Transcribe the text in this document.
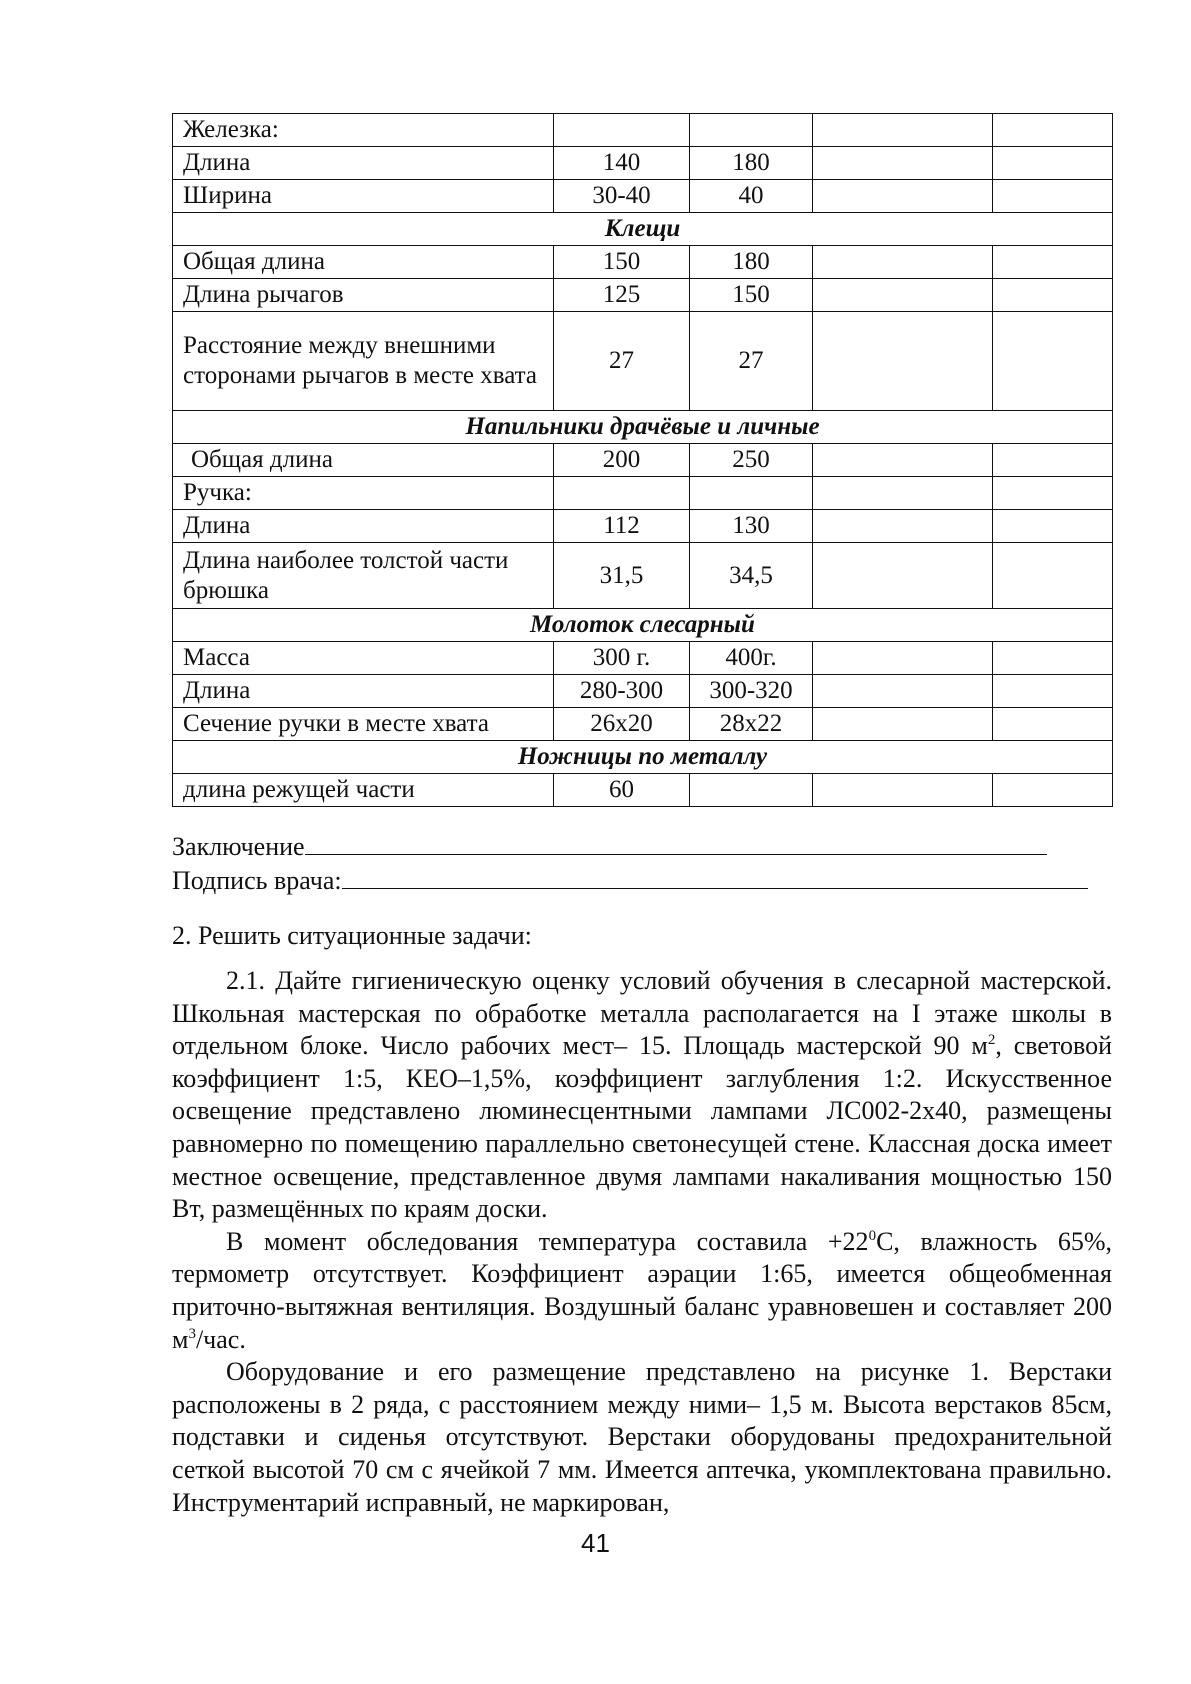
Железка:				
Длина	140	180		
Ширина	30-40	40		
Клещи				
Общая длина	150	180		
Длина рычагов	125	150		
Расстояние между внешними сторонами рычагов в месте хвата	27	27		
Напильники драчёвые и личные				
Общая длина	200	250		
Ручка:				
Длина	112	130		
Длина наиболее толстой части брюшка	31,5	34,5		
Молоток слесарный				
Масса	300 г.	400г.		
Длина	280-300	300-320		
Сечение ручки в месте хвата	26х20	28х22		
Ножницы по металлу				
длина режущей части	60			
Заключение
Подпись врача:
2. Решить ситуационные задачи:

2.1. Дайте гигиеническую оценку условий обучения в слесарной мастерской. Школьная мастерская по обработке металла располагается на I этаже школы в отдельном блоке. Число рабочих мест– 15. Площадь мастерской 90 $м^2$, световой коэффициент 1:5, КЕО–1,5%, коэффициент заглубления 1:2. Искусственное освещение представлено люминесцентными лампами ЛС002-2х40, размещены равномерно по помещению параллельно светонесущей стене. Классная доска имеет местное освещение, представленное двумя лампами накаливания мощностью 150 Вт, размещённых по краям доски.

В момент обследования температура составила $+22^0С$, влажность 65%, термометр отсутствует. Коэффициент аэрации 1:65, имеется общеобменная приточно-вытяжная вентиляция. Воздушный баланс уравновешен и составляет 200 $м^3$/час.

Оборудование и его размещение представлено на рисунке 1. Верстаки расположены в 2 ряда, с расстоянием между ними– 1,5 м. Высота верстаков 85см, подставки и сиденья отсутствуют. Верстаки оборудованы предохранительной сеткой высотой 70 см с ячейкой 7 мм. Имеется аптечка, укомплектована правильно. Инструментарий исправный, не маркирован,

41
